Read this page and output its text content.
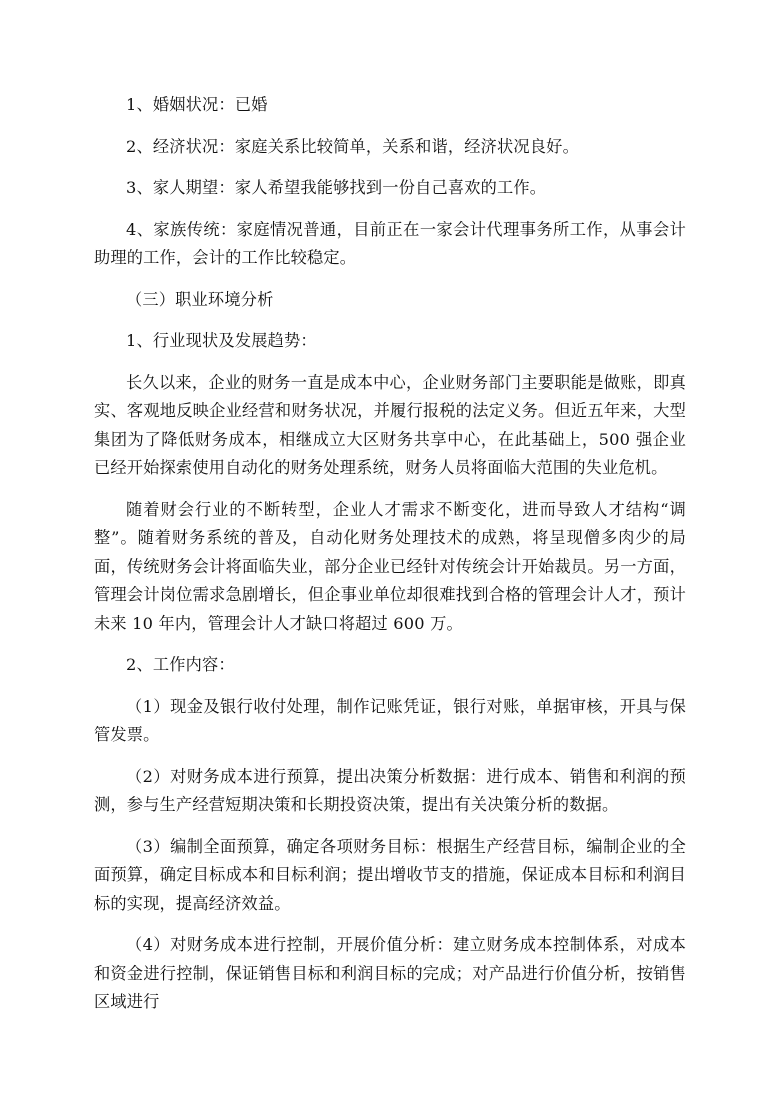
1、婚姻状况：已婚

2、经济状况：家庭关系比较简单，关系和谐，经济状况良好。

3、家人期望：家人希望我能够找到一份自己喜欢的工作。

4、家族传统：家庭情况普通，目前正在一家会计代理事务所工作，从事会计助理的工作，会计的工作比较稳定。

（三）职业环境分析

1、行业现状及发展趋势：

长久以来，企业的财务一直是成本中心，企业财务部门主要职能是做账，即真实、客观地反映企业经营和财务状况，并履行报税的法定义务。但近五年来，大型集团为了降低财务成本，相继成立大区财务共享中心，在此基础上，500 强企业已经开始探索使用自动化的财务处理系统，财务人员将面临大范围的失业危机。

随着财会行业的不断转型，企业人才需求不断变化，进而导致人才结构“调整”。随着财务系统的普及，自动化财务处理技术的成熟，将呈现僧多肉少的局面，传统财务会计将面临失业，部分企业已经针对传统会计开始裁员。另一方面，管理会计岗位需求急剧增长，但企事业单位却很难找到合格的管理会计人才，预计未来 10 年内，管理会计人才缺口将超过 600 万。

2、工作内容：

（1）现金及银行收付处理，制作记账凭证，银行对账，单据审核，开具与保管发票。

（2）对财务成本进行预算，提出决策分析数据：进行成本、销售和利润的预测，参与生产经营短期决策和长期投资决策，提出有关决策分析的数据。

（3）编制全面预算，确定各项财务目标：根据生产经营目标，编制企业的全面预算，确定目标成本和目标利润；提出增收节支的措施，保证成本目标和利润目标的实现，提高经济效益。

（4）对财务成本进行控制，开展价值分析：建立财务成本控制体系，对成本和资金进行控制，保证销售目标和利润目标的完成；对产品进行价值分析，按销售区域进行
